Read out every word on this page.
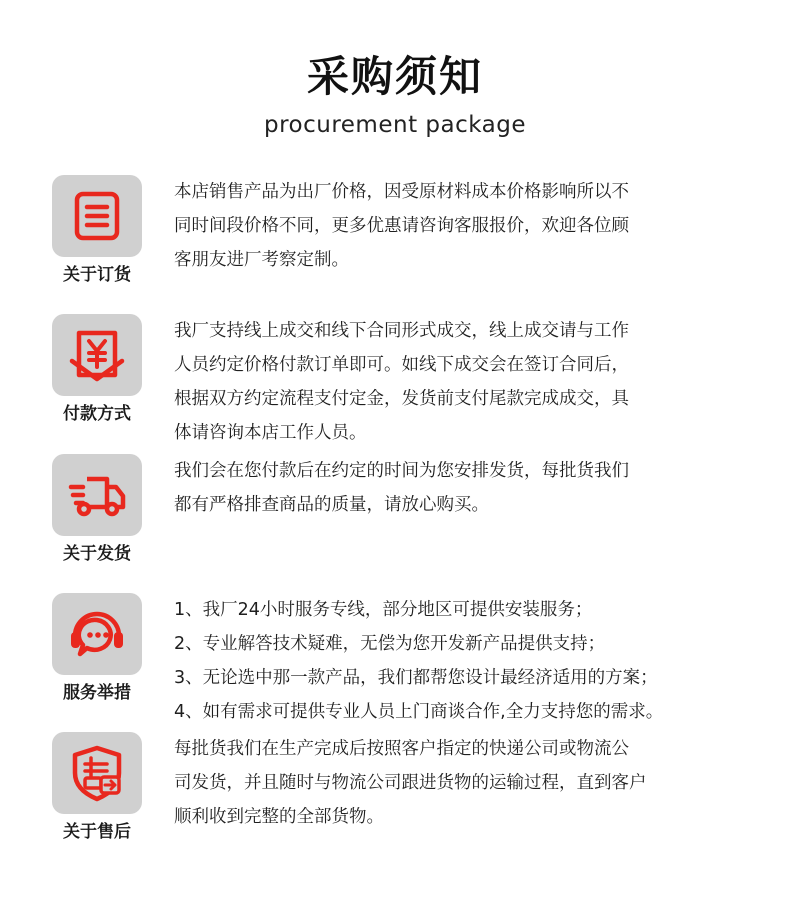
采购须知
procurement package
关于订货
本店销售产品为出厂价格，因受原材料成本价格影响所以不
同时间段价格不同，更多优惠请咨询客服报价，欢迎各位顾
客朋友进厂考察定制。
付款方式
我厂支持线上成交和线下合同形式成交，线上成交请与工作
人员约定价格付款订单即可。如线下成交会在签订合同后，
根据双方约定流程支付定金，发货前支付尾款完成成交，具
体请咨询本店工作人员。
关于发货
我们会在您付款后在约定的时间为您安排发货，每批货我们
都有严格排查商品的质量，请放心购买。
服务举措
1、我厂24小时服务专线，部分地区可提供安装服务；
2、专业解答技术疑难，无偿为您开发新产品提供支持；
3、无论选中那一款产品，我们都帮您设计最经济适用的方案；
4、如有需求可提供专业人员上门商谈合作,全力支持您的需求。
关于售后
每批货我们在生产完成后按照客户指定的快递公司或物流公
司发货，并且随时与物流公司跟进货物的运输过程，直到客户
顺利收到完整的全部货物。
